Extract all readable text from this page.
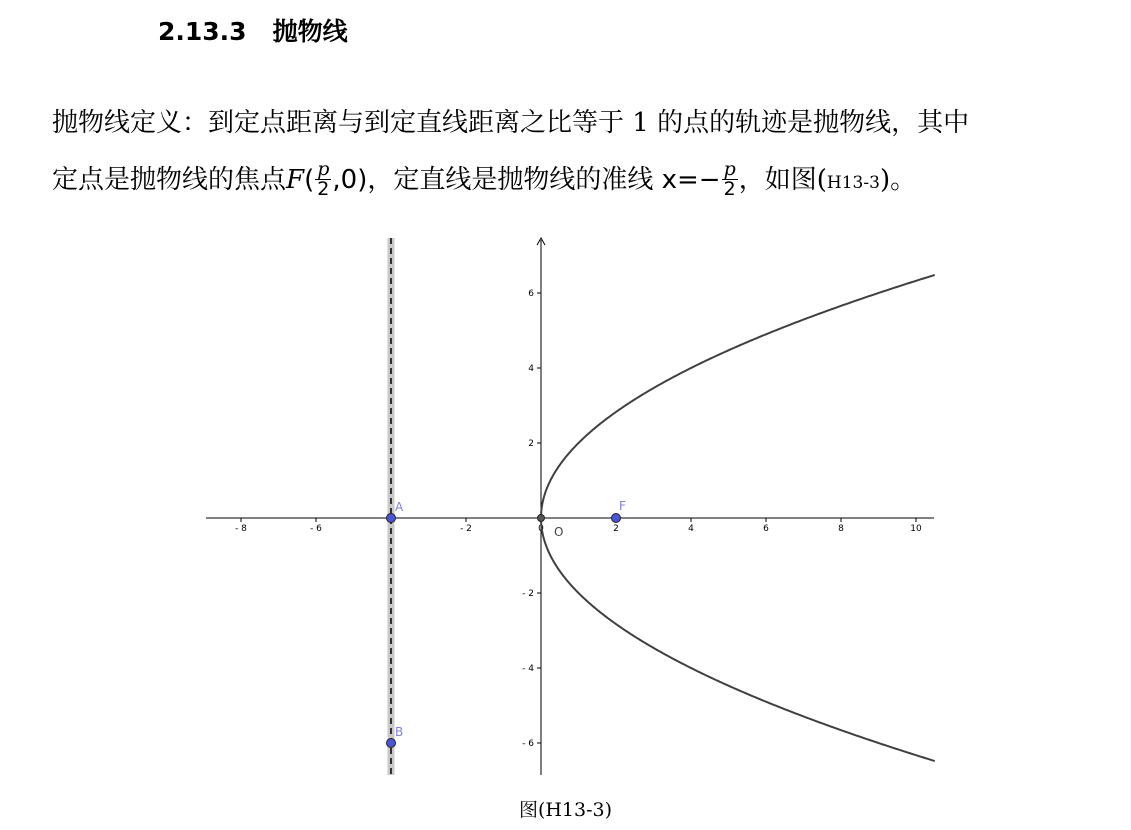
2.13.3 抛物线
抛物线定义：到定点距离与到定直线距离之比等于 1 的点的轨迹是抛物线，其中
定点是抛物线的焦点$F( \frac{p}{2} ,0)$，定直线是抛物线的准线 $x=- \frac{p}{2}$ ，如图(H13-3)。
- 8	- 6	- 2	0	2	4	6	8	10
- 6
- 4
- 2
2
4
6
A
B
F
O
图(H13-3)
